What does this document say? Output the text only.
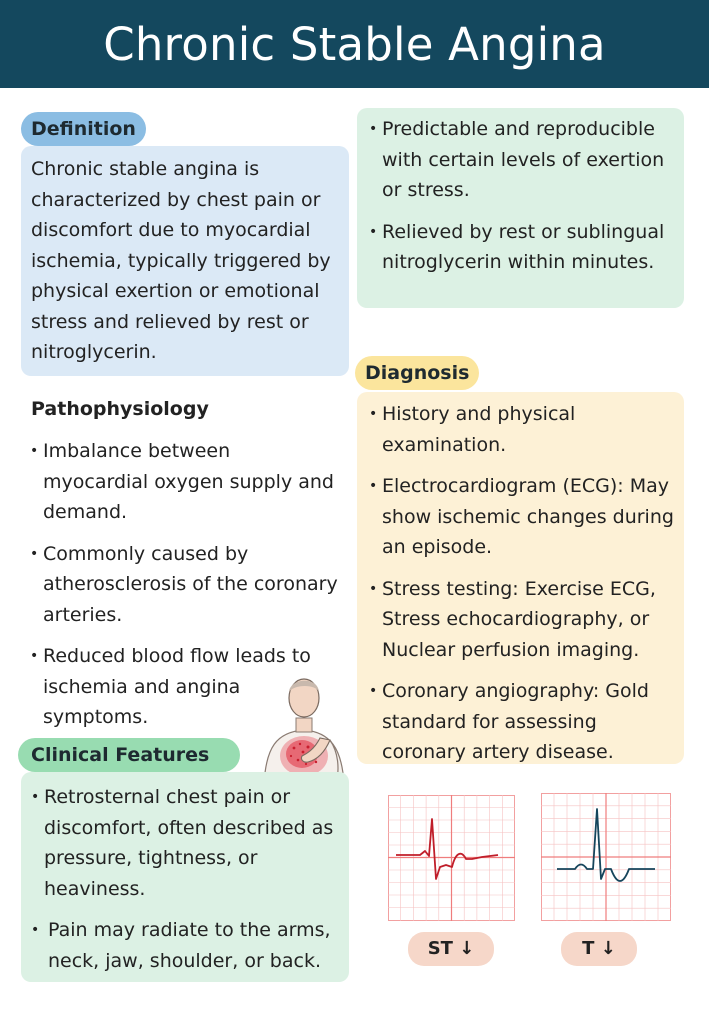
Chronic Stable Angina
Definition

Chronic stable angina is characterized by chest pain or discomfort due to myocardial ischemia, typically triggered by physical exertion or emotional stress and relieved by rest or nitroglycerin.

• Predictable and reproducible with certain levels of exertion or stress.
• Relieved by rest or sublingual nitroglycerin within minutes.
Pathophysiology
• Imbalance between myocardial oxygen supply and demand.
• Commonly caused by atherosclerosis of the coronary arteries.
• Reduced blood flow leads to ischemia and angina symptoms.
Diagnosis
• History and physical examination.
• Electrocardiogram (ECG): May show ischemic changes during an episode.
• Stress testing: Exercise ECG, Stress echocardiography, or Nuclear perfusion imaging.
• Coronary angiography: Gold standard for assessing coronary artery disease.
Clinical Features
• Retrosternal chest pain or discomfort, often described as pressure, tightness, or heaviness.
• Pain may radiate to the arms, neck, jaw, shoulder, or back.
ST ↓	T ↓
